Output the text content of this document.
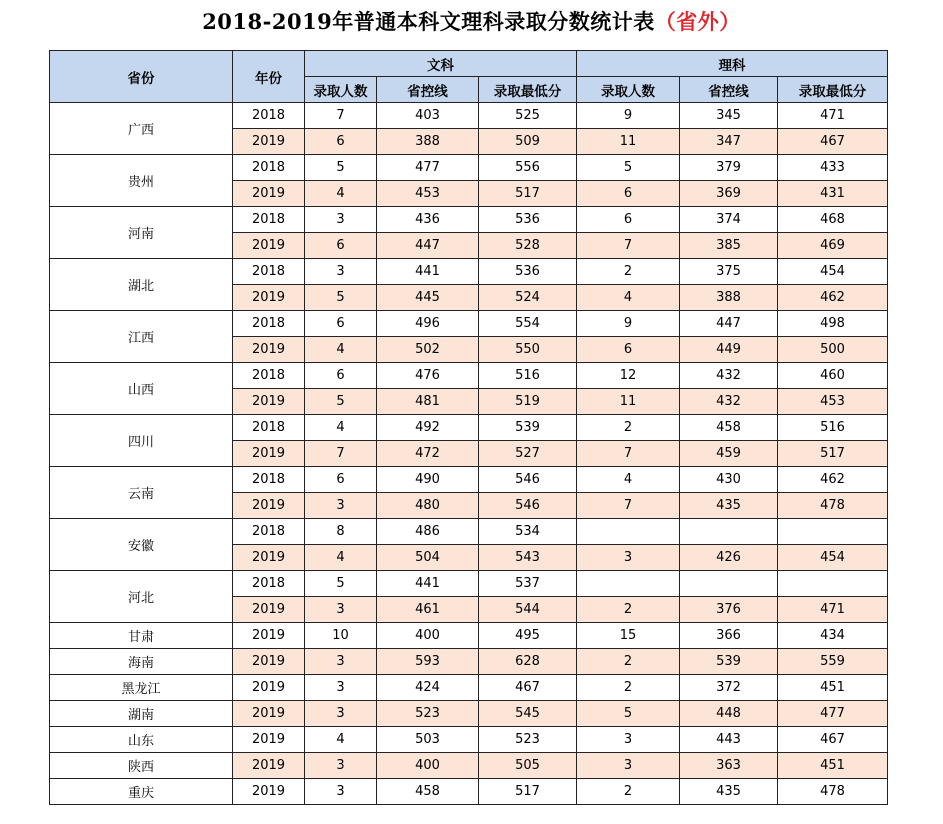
2018-2019年普通本科文理科录取分数统计表（省外）
省份	年份	文科			理科		
		录取人数	省控线	录取最低分	录取人数	省控线	录取最低分
广西	2018	7	403	525	9	345	471
	2019	6	388	509	11	347	467
贵州	2018	5	477	556	5	379	433
	2019	4	453	517	6	369	431
河南	2018	3	436	536	6	374	468
	2019	6	447	528	7	385	469
湖北	2018	3	441	536	2	375	454
	2019	5	445	524	4	388	462
江西	2018	6	496	554	9	447	498
	2019	4	502	550	6	449	500
山西	2018	6	476	516	12	432	460
	2019	5	481	519	11	432	453
四川	2018	4	492	539	2	458	516
	2019	7	472	527	7	459	517
云南	2018	6	490	546	4	430	462
	2019	3	480	546	7	435	478
安徽	2018	8	486	534			
	2019	4	504	543	3	426	454
河北	2018	5	441	537			
	2019	3	461	544	2	376	471
甘肃	2019	10	400	495	15	366	434
海南	2019	3	593	628	2	539	559
黑龙江	2019	3	424	467	2	372	451
湖南	2019	3	523	545	5	448	477
山东	2019	4	503	523	3	443	467
陕西	2019	3	400	505	3	363	451
重庆	2019	3	458	517	2	435	478
